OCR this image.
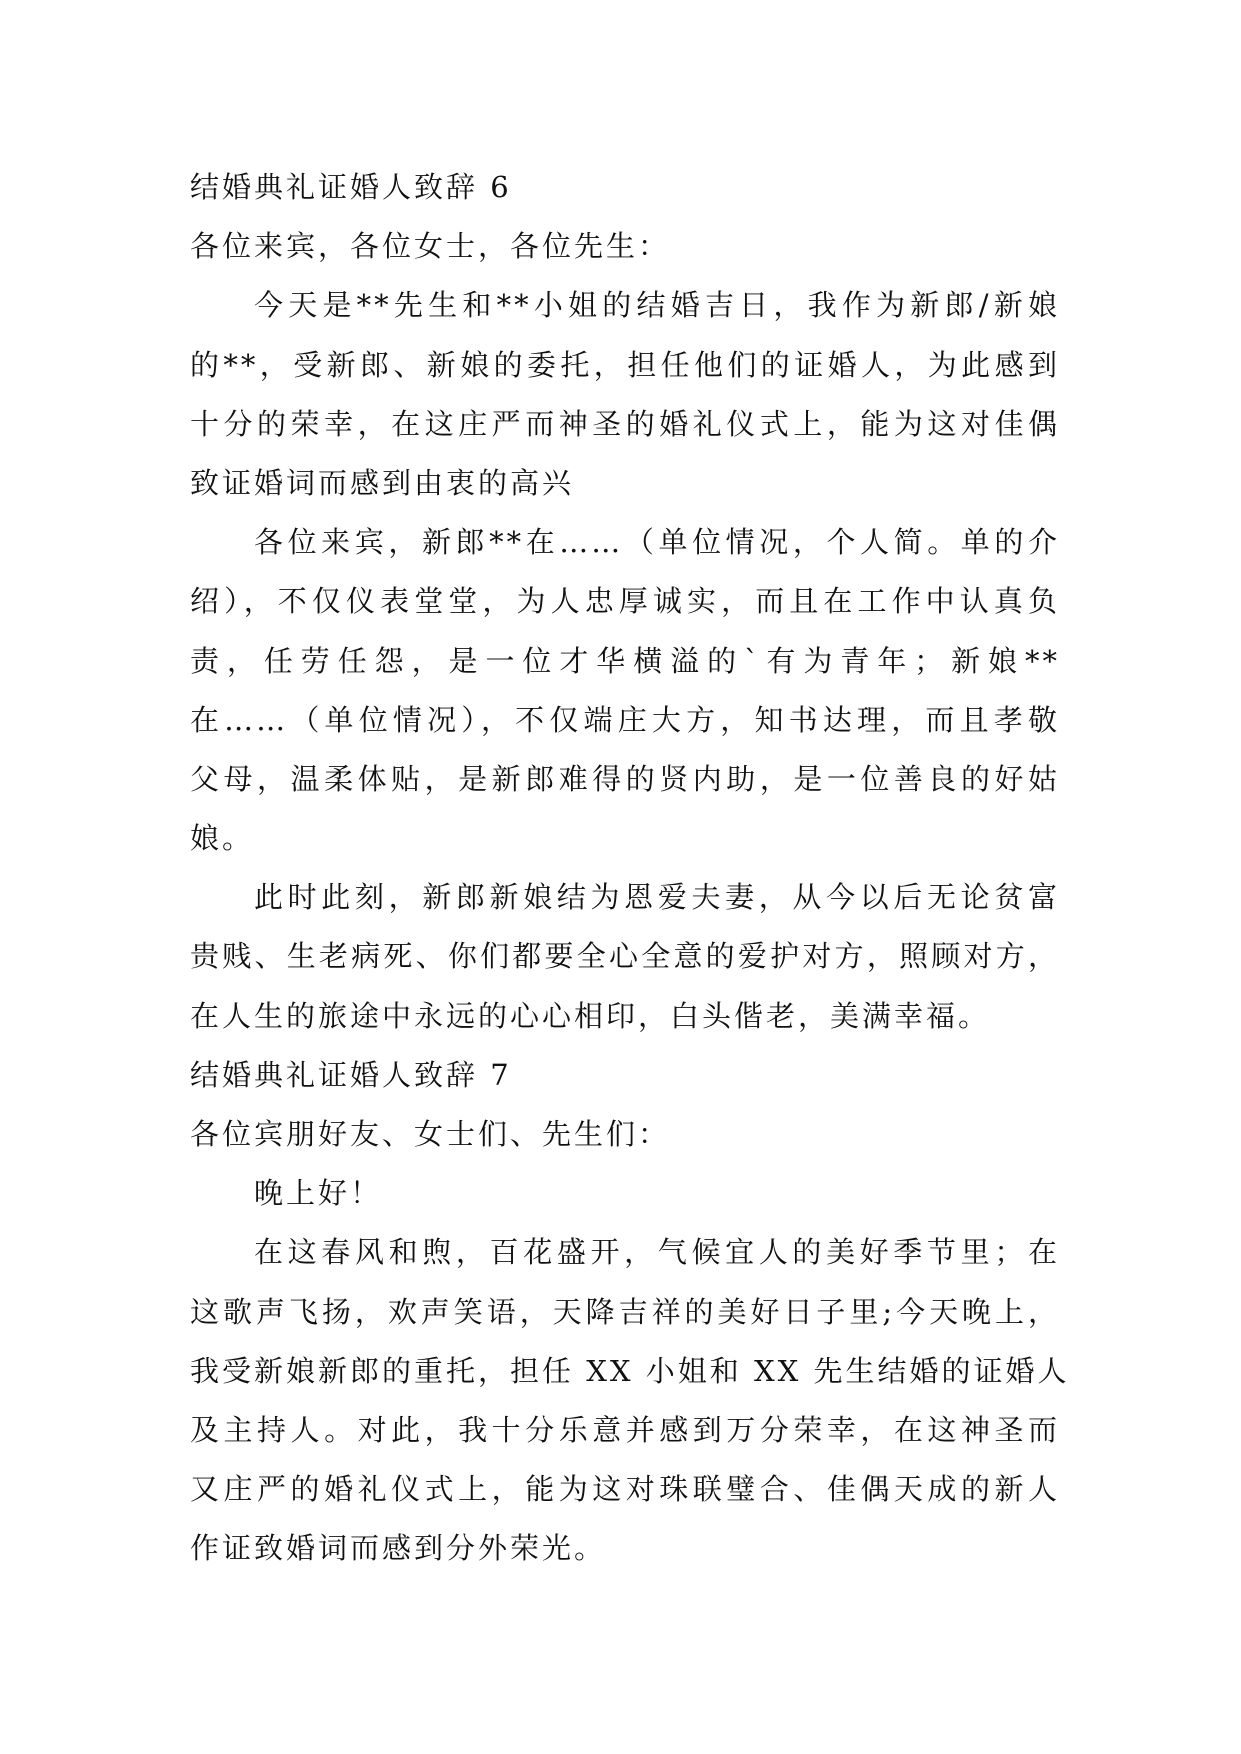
结婚典礼证婚人致辞 6
各位来宾，各位女士，各位先生：
今天是**先生和**小姐的结婚吉日，我作为新郎/新娘
的**，受新郎、新娘的委托，担任他们的证婚人，为此感到
十分的荣幸，在这庄严而神圣的婚礼仪式上，能为这对佳偶
致证婚词而感到由衷的高兴
各位来宾，新郎**在……（单位情况，个人简。单的介
绍），不仅仪表堂堂，为人忠厚诚实，而且在工作中认真负
责，任劳任怨，是一位才华横溢的`有为青年；新娘**
在……（单位情况），不仅端庄大方，知书达理，而且孝敬
父母，温柔体贴，是新郎难得的贤内助，是一位善良的好姑
娘。
此时此刻，新郎新娘结为恩爱夫妻，从今以后无论贫富
贵贱、生老病死、你们都要全心全意的爱护对方，照顾对方，
在人生的旅途中永远的心心相印，白头偕老，美满幸福。
结婚典礼证婚人致辞 7
各位宾朋好友、女士们、先生们：
晚上好！
在这春风和煦，百花盛开，气候宜人的美好季节里；在
这歌声飞扬，欢声笑语，天降吉祥的美好日子里;今天晚上，
我受新娘新郎的重托，担任 XX 小姐和 XX 先生结婚的证婚人
及主持人。对此，我十分乐意并感到万分荣幸，在这神圣而
又庄严的婚礼仪式上，能为这对珠联璧合、佳偶天成的新人
作证致婚词而感到分外荣光。
